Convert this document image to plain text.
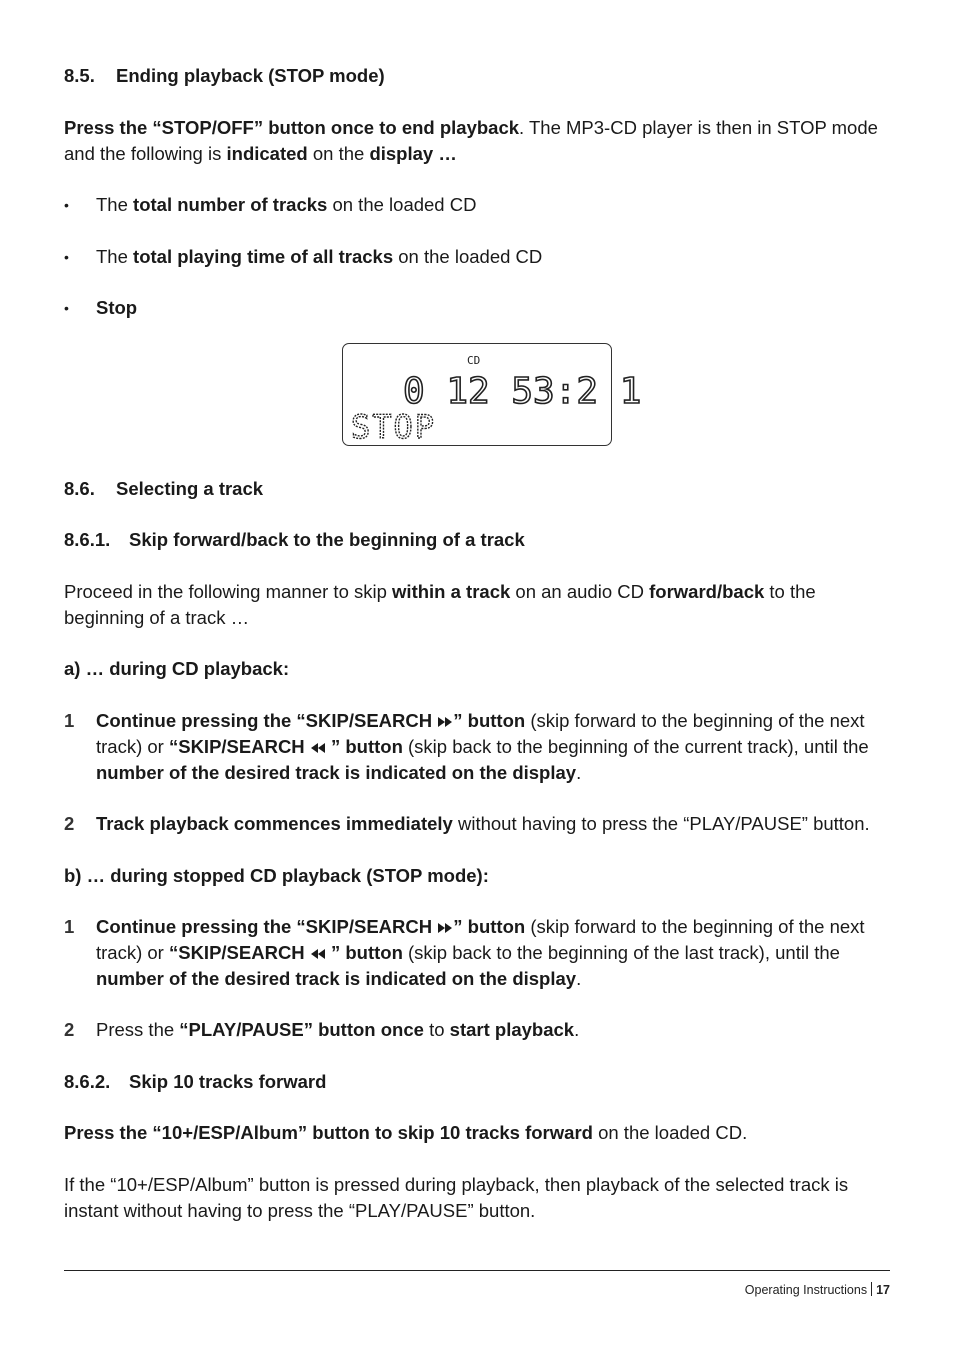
8.5. Ending playback (STOP mode)

Press the “STOP/OFF” button once to end playback. The MP3-CD player is then in STOP mode and the following is indicated on the display …

• The total number of tracks on the loaded CD
• The total playing time of all tracks on the loaded CD
• Stop
CD
0 12 53:2 1
STOP

8.6. Selecting a track

8.6.1. Skip forward/back to the beginning of a track

Proceed in the following manner to skip within a track on an audio CD forward/back to the beginning of a track …

a) … during CD playback:

1 Continue pressing the “SKIP/SEARCH ” button (skip forward to the beginning of the next track) or “SKIP/SEARCH  ” button (skip back to the beginning of the current track), until the number of the desired track is indicated on the display.

2 Track playback commences immediately without having to press the “PLAY/PAUSE” button.

b) … during stopped CD playback (STOP mode):

1 Continue pressing the “SKIP/SEARCH ” button (skip forward to the beginning of the next track) or “SKIP/SEARCH  ” button (skip back to the beginning of the last track), until the number of the desired track is indicated on the display.

2 Press the “PLAY/PAUSE” button once to start playback.

8.6.2. Skip 10 tracks forward

Press the “10+/ESP/Album” button to skip 10 tracks forward on the loaded CD.

If the “10+/ESP/Album” button is pressed during playback, then playback of the selected track is instant without having to press the “PLAY/PAUSE” button.

Operating Instructions 17
